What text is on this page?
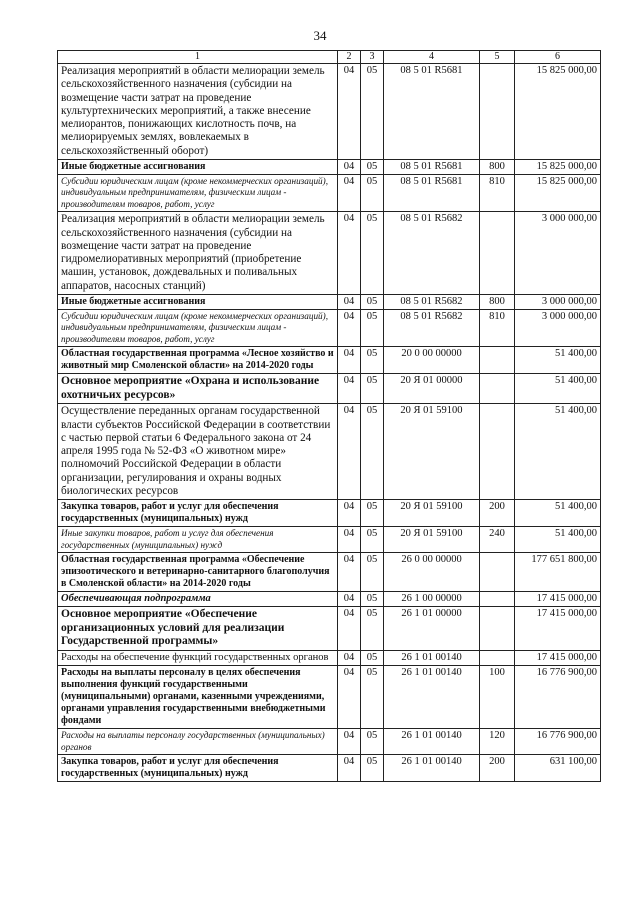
34
1	2	3	4	5	6
Реализация мероприятий в области мелиорации земель сельскохозяйственного назначения (субсидии на возмещение части затрат на проведение культуртехнических мероприятий, а также внесение мелиорантов, понижающих кислотность почв, на мелиорируемых землях, вовлекаемых в сельскохозяйственный оборот)	04	05	08 5 01 R5681		15 825 000,00
Иные бюджетные ассигнования	04	05	08 5 01 R5681	800	15 825 000,00
Субсидии юридическим лицам (кроме некоммерческих организаций), индивидуальным предпринимателям, физическим лицам - производителям товаров, работ, услуг	04	05	08 5 01 R5681	810	15 825 000,00
Реализация мероприятий в области мелиорации земель сельскохозяйственного назначения (субсидии на возмещение части затрат на проведение гидромелиоративных мероприятий (приобретение машин, установок, дождевальных и поливальных аппаратов, насосных станций)	04	05	08 5 01 R5682		3 000 000,00
Иные бюджетные ассигнования	04	05	08 5 01 R5682	800	3 000 000,00
Субсидии юридическим лицам (кроме некоммерческих организаций), индивидуальным предпринимателям, физическим лицам - производителям товаров, работ, услуг	04	05	08 5 01 R5682	810	3 000 000,00
Областная государственная программа «Лесное хозяйство и животный мир Смоленской области» на 2014-2020 годы	04	05	20 0 00 00000		51 400,00
Основное мероприятие «Охрана и использование охотничьих ресурсов»	04	05	20 Я 01 00000		51 400,00
Осуществление переданных органам государственной власти субъектов Российской Федерации в соответствии с частью первой статьи 6 Федерального закона от 24 апреля 1995 года № 52-ФЗ «О животном мире» полномочий Российской Федерации в области организации, регулирования и охраны водных биологических ресурсов	04	05	20 Я 01 59100		51 400,00
Закупка товаров, работ и услуг для обеспечения государственных (муниципальных) нужд	04	05	20 Я 01 59100	200	51 400,00
Иные закупки товаров, работ и услуг для обеспечения государственных (муниципальных) нужд	04	05	20 Я 01 59100	240	51 400,00
Областная государственная программа «Обеспечение эпизоотического и ветеринарно-санитарного благополучия в Смоленской области» на 2014-2020 годы	04	05	26 0 00 00000		177 651 800,00
Обеспечивающая подпрограмма	04	05	26 1 00 00000		17 415 000,00
Основное мероприятие «Обеспечение организационных условий для реализации Государственной программы»	04	05	26 1 01 00000		17 415 000,00
Расходы на обеспечение функций государственных органов	04	05	26 1 01 00140		17 415 000,00
Расходы на выплаты персоналу в целях обеспечения выполнения функций государственными (муниципальными) органами, казенными учреждениями, органами управления государственными внебюджетными фондами	04	05	26 1 01 00140	100	16 776 900,00
Расходы на выплаты персоналу государственных (муниципальных) органов	04	05	26 1 01 00140	120	16 776 900,00
Закупка товаров, работ и услуг для обеспечения государственных (муниципальных) нужд	04	05	26 1 01 00140	200	631 100,00
